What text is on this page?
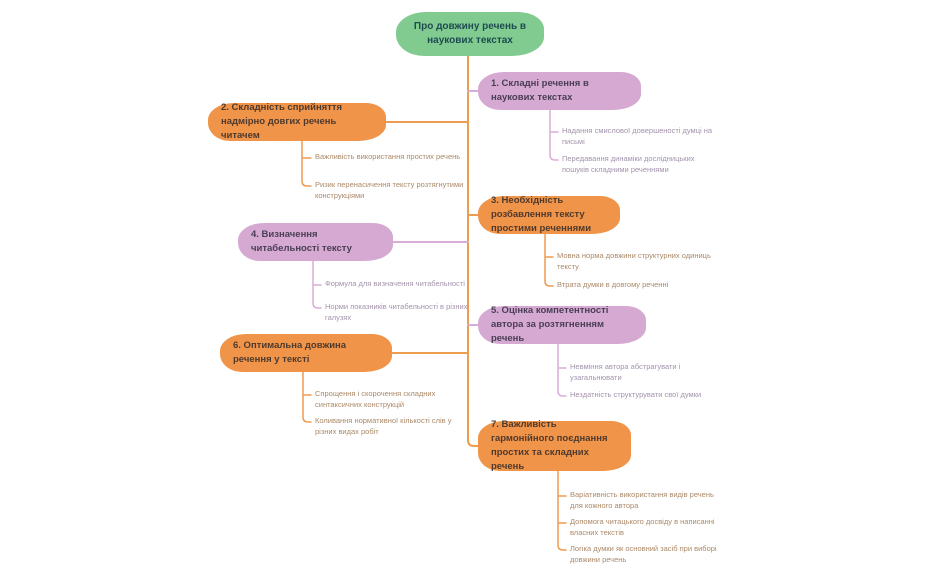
Про довжину речень в наукових текстах
1. Складні речення в наукових текстах
Надання смислової довершеності думці на письмі
Передавання динаміки дослідницьких пошуків складними реченнями
2. Складність сприйняття надмірно довгих речень читачем
Важливість використання простих речень
Ризик перенасичення тексту розтягнутими конструкціями	3. Необхідність розбавлення тексту простими реченнями
Мовна норма довжини структурних одиниць тексту
Втрата думки в довгому реченні
4. Визначення читабельності тексту
Формула для визначення читабельності
Норми показників читабельності в різних галузях
5. Оцінка компетентності автора за розтягненням речень
Невміння автора абстрагувати і узагальнювати
Нездатність структурувати свої думки
6. Оптимальна довжина речення у тексті
Спрощення і скорочення складних синтаксичних конструкцій
Коливання нормативної кількості слів у різних видах робіт
7. Важливість гармонійного поєднання простих та складних речень
Варіативність використання видів речень для кожного автора
Допомога читацького досвіду в написанні власних текстів
Логіка думки як основний засіб при виборі довжини речень
